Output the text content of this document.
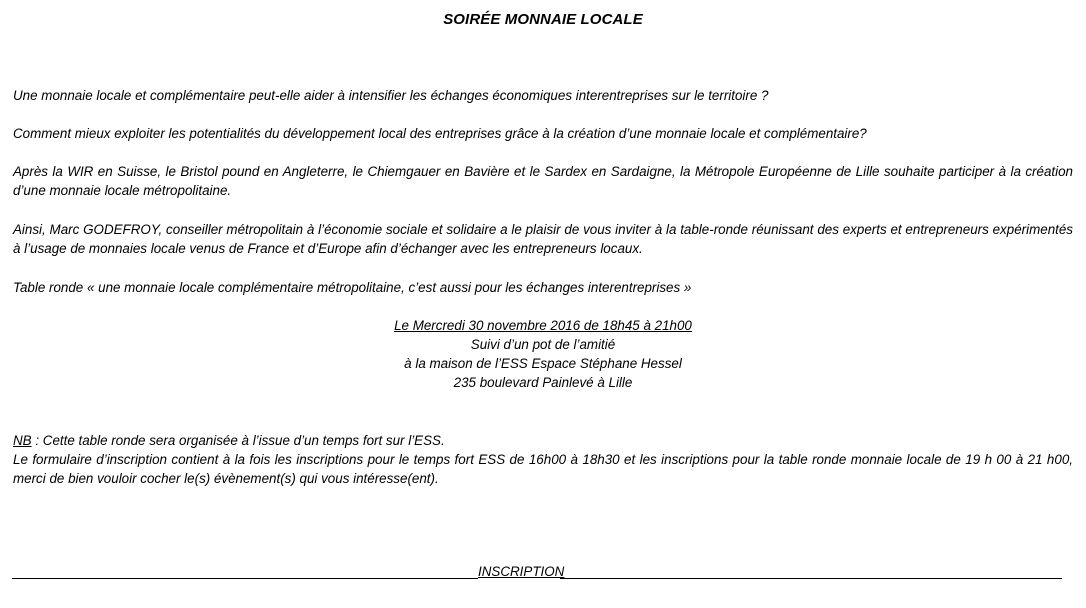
SOIRÉE MONNAIE LOCALE

Une monnaie locale et complémentaire peut-elle aider à intensifier les échanges économiques interentreprises sur le territoire ?

Comment mieux exploiter les potentialités du développement local des entreprises grâce à la création d’une monnaie locale et complémentaire?

Après la WIR en Suisse, le Bristol pound en Angleterre, le Chiemgauer en Bavière et le Sardex en Sardaigne, la Métropole Européenne de Lille souhaite participer à la création d’une monnaie locale métropolitaine.

Ainsi, Marc GODEFROY, conseiller métropolitain à l’économie sociale et solidaire a le plaisir de vous inviter à la table-ronde réunissant des experts et entrepreneurs expérimentés à l’usage de monnaies locale venus de France et d’Europe afin d’échanger avec les entrepreneurs locaux.

Table ronde « une monnaie locale complémentaire métropolitaine, c’est aussi pour les échanges interentreprises »

Le Mercredi 30 novembre 2016 de 18h45 à 21h00
Suivi d’un pot de l’amitié
à la maison de l’ESS Espace Stéphane Hessel
235 boulevard Painlevé à Lille
NB : Cette table ronde sera organisée à l’issue d’un temps fort sur l’ESS.
Le formulaire d’inscription contient à la fois les inscriptions pour le temps fort ESS de 16h00 à 18h30 et les inscriptions pour la table ronde monnaie locale de 19 h 00 à 21 h00, merci de bien vouloir cocher le(s) évènement(s) qui vous intéresse(ent).
INSCRIPTION
